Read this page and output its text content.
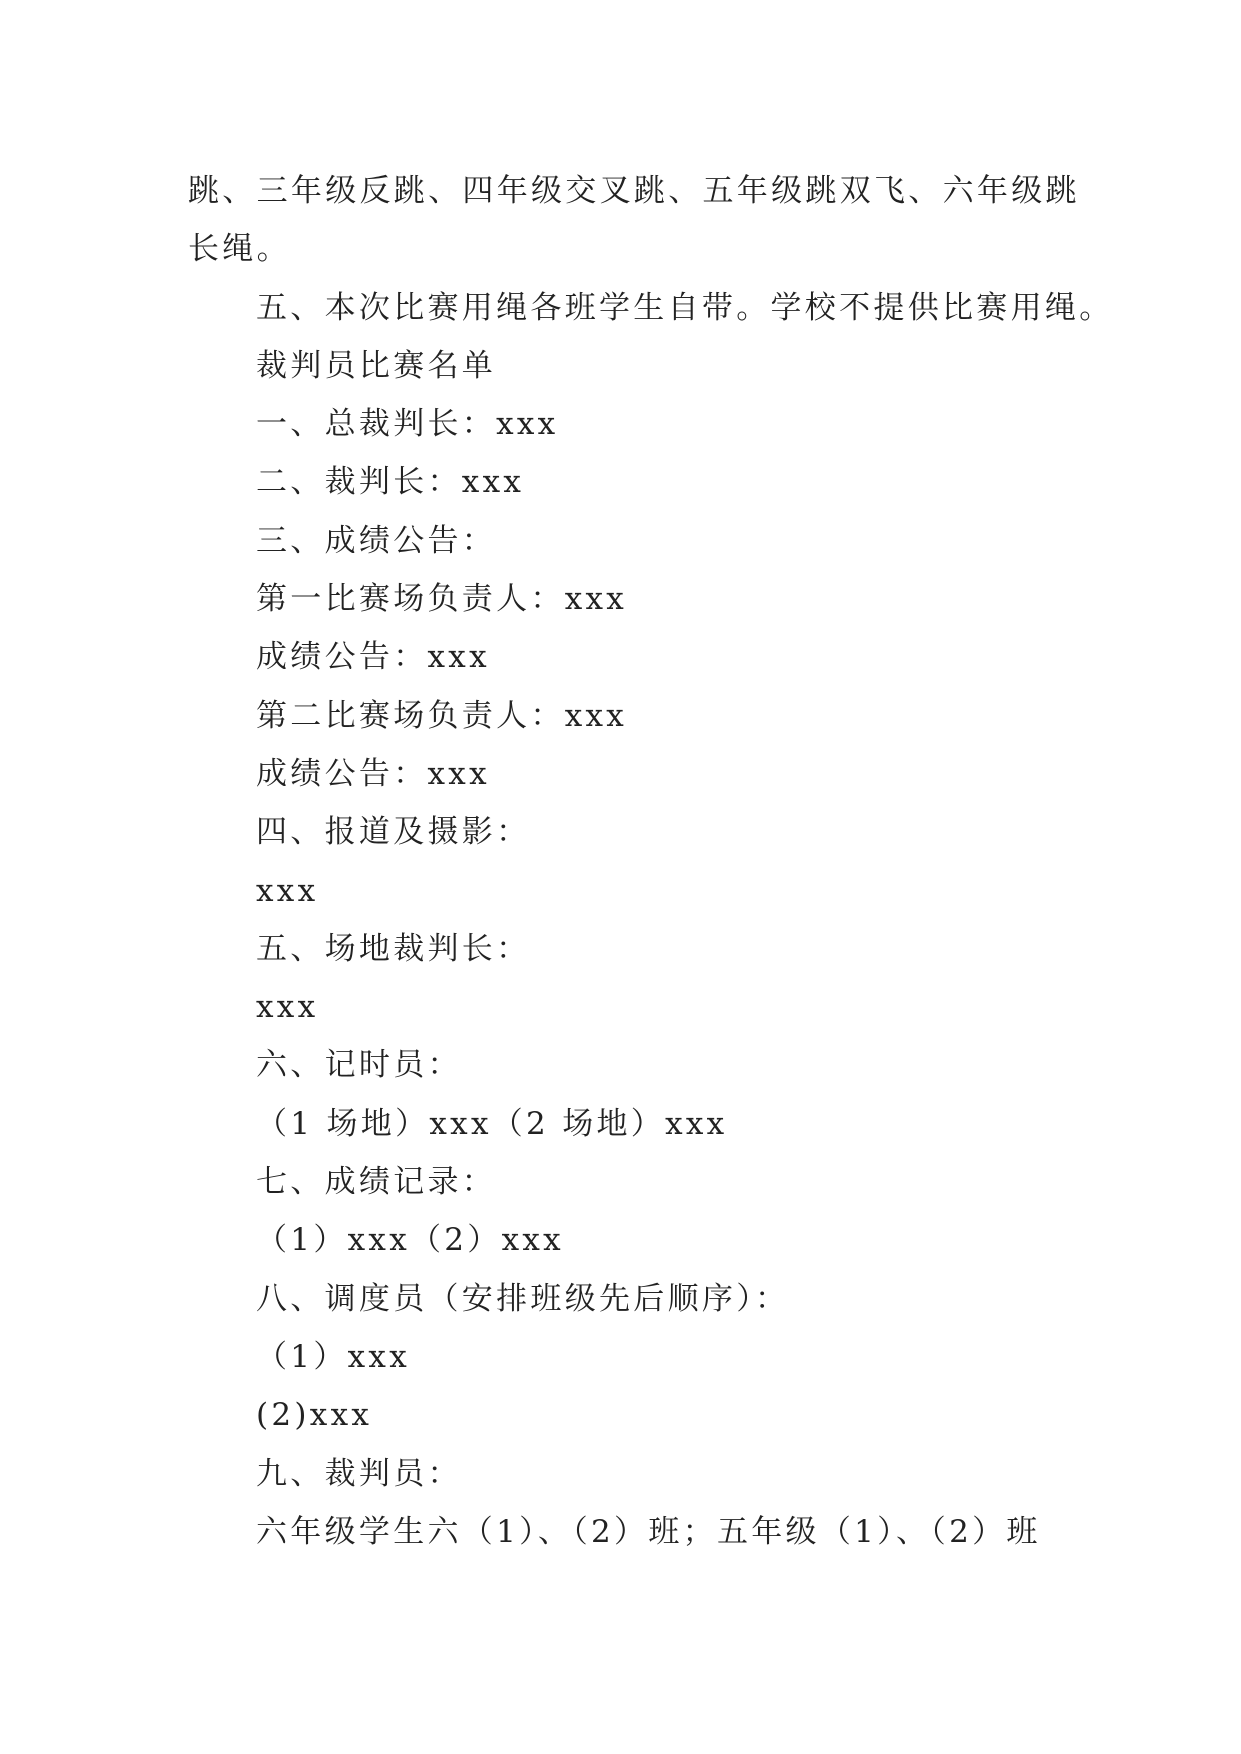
跳、三年级反跳、四年级交叉跳、五年级跳双飞、六年级跳
长绳。
五、本次比赛用绳各班学生自带。学校不提供比赛用绳。
裁判员比赛名单
一、总裁判长：xxx
二、裁判长：xxx
三、成绩公告：
第一比赛场负责人：xxx
成绩公告：xxx
第二比赛场负责人：xxx
成绩公告：xxx
四、报道及摄影：
xxx
五、场地裁判长：
xxx
六、记时员：
（1 场地）xxx（2 场地）xxx
七、成绩记录：
（1）xxx（2）xxx
八、调度员（安排班级先后顺序）：
（1）xxx
(2)xxx
九、裁判员：
六年级学生六（1）、（2）班；五年级（1）、（2）班
